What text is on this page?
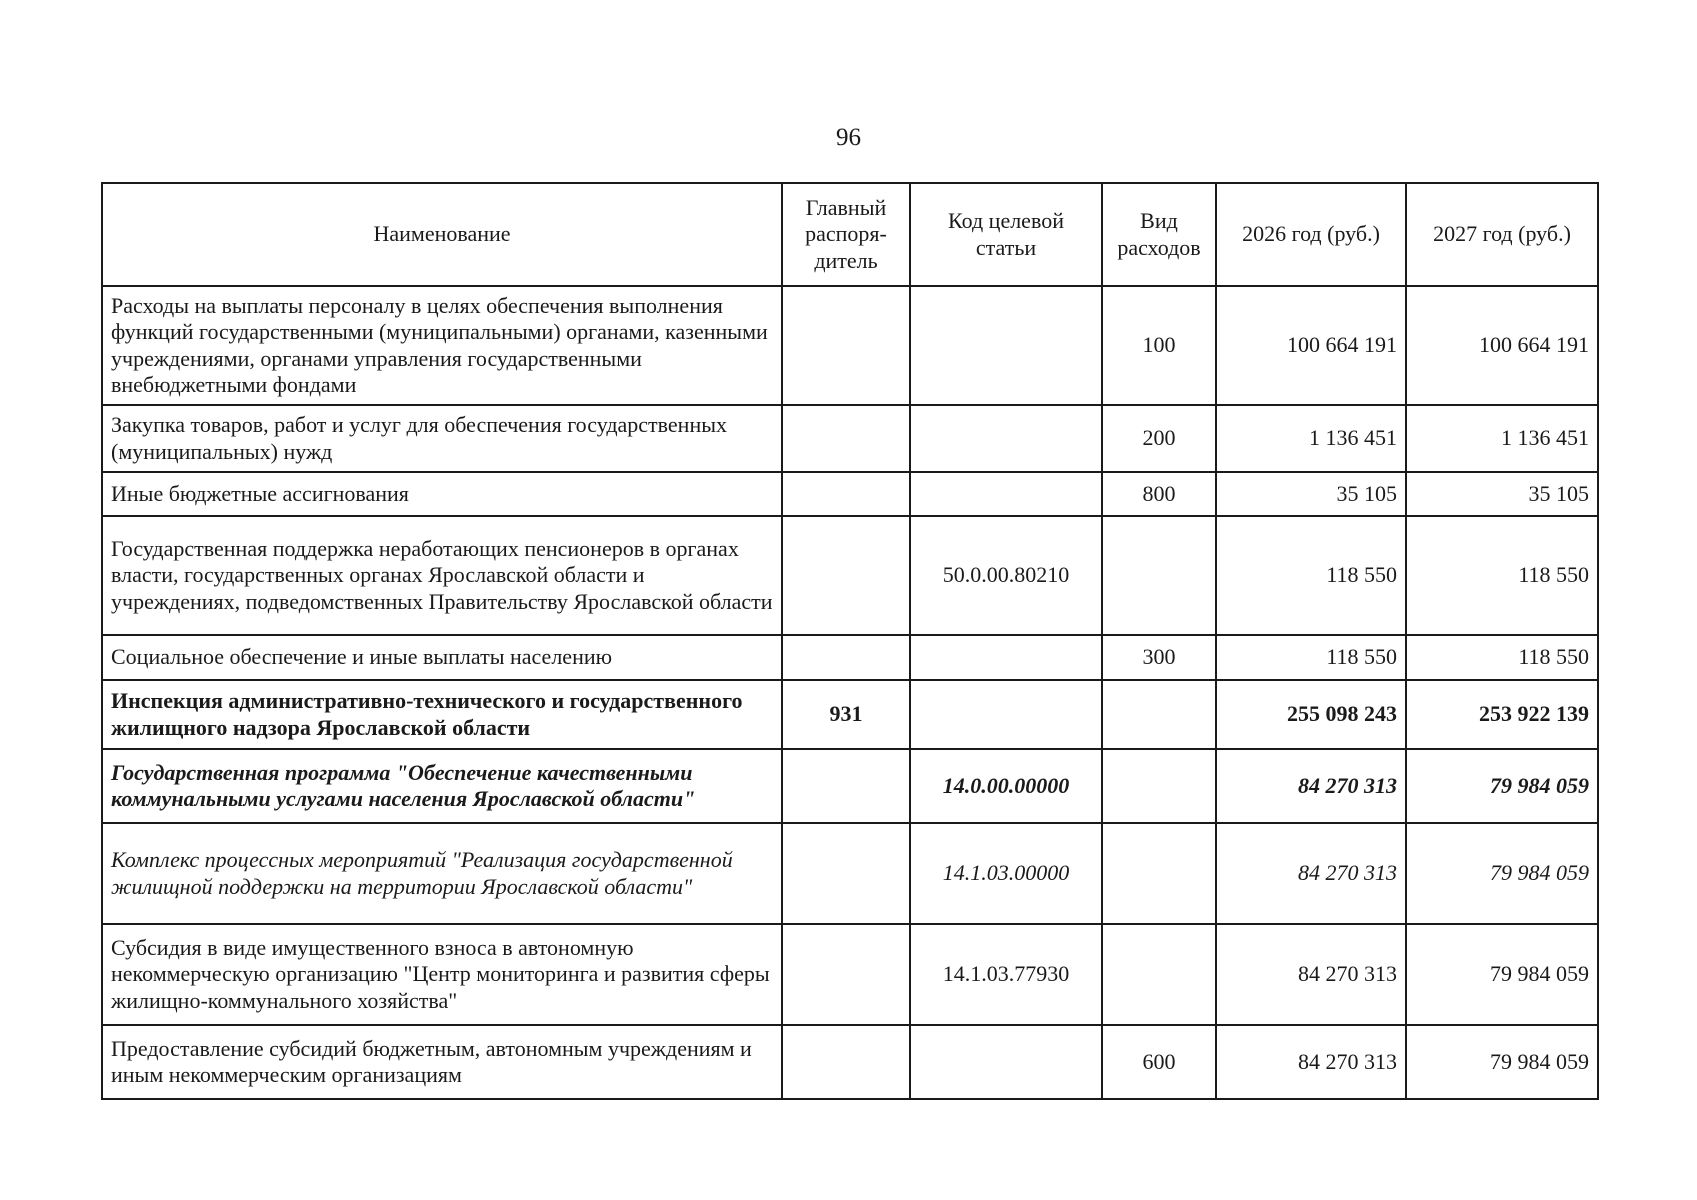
96
Наименование	Главный распоря-дитель	Код целевой статьи	Вид расходов	2026 год (руб.)	2027 год (руб.)
Расходы на выплаты персоналу в целях обеспечения выполнения функций государственными (муниципальными) органами, казенными учреждениями, органами управления государственными внебюджетными фондами			100	100 664 191	100 664 191
Закупка товаров, работ и услуг для обеспечения государственных (муниципальных) нужд			200	1 136 451	1 136 451
Иные бюджетные ассигнования			800	35 105	35 105
Государственная поддержка неработающих пенсионеров в органах власти, государственных органах Ярославской области и учреждениях, подведомственных Правительству Ярославской области		50.0.00.80210		118 550	118 550
Социальное обеспечение и иные выплаты населению			300	118 550	118 550
Инспекция административно-технического и государственного жилищного надзора Ярославской области	931			255 098 243	253 922 139
Государственная программа "Обеспечение качественными коммунальными услугами населения Ярославской области"		14.0.00.00000		84 270 313	79 984 059
Комплекс процессных мероприятий "Реализация государственной жилищной поддержки на территории Ярославской области"		14.1.03.00000		84 270 313	79 984 059
Субсидия в виде имущественного взноса в автономную некоммерческую организацию "Центр мониторинга и развития сферы жилищно-коммунального хозяйства"		14.1.03.77930		84 270 313	79 984 059
Предоставление субсидий бюджетным, автономным учреждениям и иным некоммерческим организациям			600	84 270 313	79 984 059
